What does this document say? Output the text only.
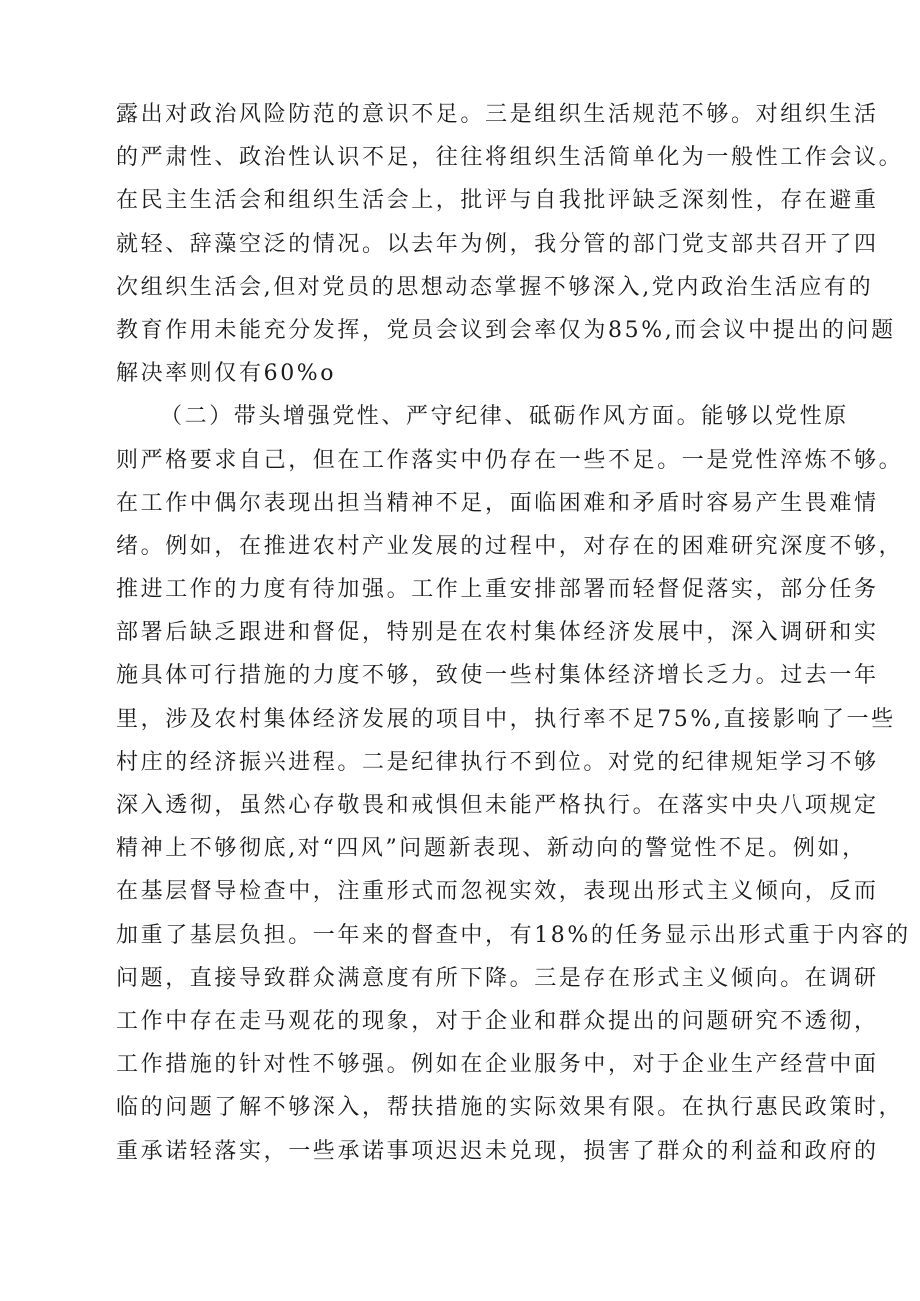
露出对政治风险防范的意识不足。三是组织生活规范不够。对组织生活
的严肃性、政治性认识不足，往往将组织生活简单化为一般性工作会议。
在民主生活会和组织生活会上，批评与自我批评缺乏深刻性，存在避重
就轻、辞藻空泛的情况。以去年为例，我分管的部门党支部共召开了四
次组织生活会,但对党员的思想动态掌握不够深入,党内政治生活应有的
教育作用未能充分发挥，党员会议到会率仅为85%,而会议中提出的问题
解决率则仅有60%o
（二）带头增强党性、严守纪律、砥砺作风方面。能够以党性原
则严格要求自己，但在工作落实中仍存在一些不足。一是党性淬炼不够。
在工作中偶尔表现出担当精神不足，面临困难和矛盾时容易产生畏难情
绪。例如，在推进农村产业发展的过程中，对存在的困难研究深度不够，
推进工作的力度有待加强。工作上重安排部署而轻督促落实，部分任务
部署后缺乏跟进和督促，特别是在农村集体经济发展中，深入调研和实
施具体可行措施的力度不够，致使一些村集体经济增长乏力。过去一年
里，涉及农村集体经济发展的项目中，执行率不足75%,直接影响了一些
村庄的经济振兴进程。二是纪律执行不到位。对党的纪律规矩学习不够
深入透彻，虽然心存敬畏和戒惧但未能严格执行。在落实中央八项规定
精神上不够彻底,对“四风”问题新表现、新动向的警觉性不足。例如，
在基层督导检查中，注重形式而忽视实效，表现出形式主义倾向，反而
加重了基层负担。一年来的督查中，有18%的任务显示出形式重于内容的
问题，直接导致群众满意度有所下降。三是存在形式主义倾向。在调研
工作中存在走马观花的现象，对于企业和群众提出的问题研究不透彻，
工作措施的针对性不够强。例如在企业服务中，对于企业生产经营中面
临的问题了解不够深入，帮扶措施的实际效果有限。在执行惠民政策时，
重承诺轻落实，一些承诺事项迟迟未兑现，损害了群众的利益和政府的
